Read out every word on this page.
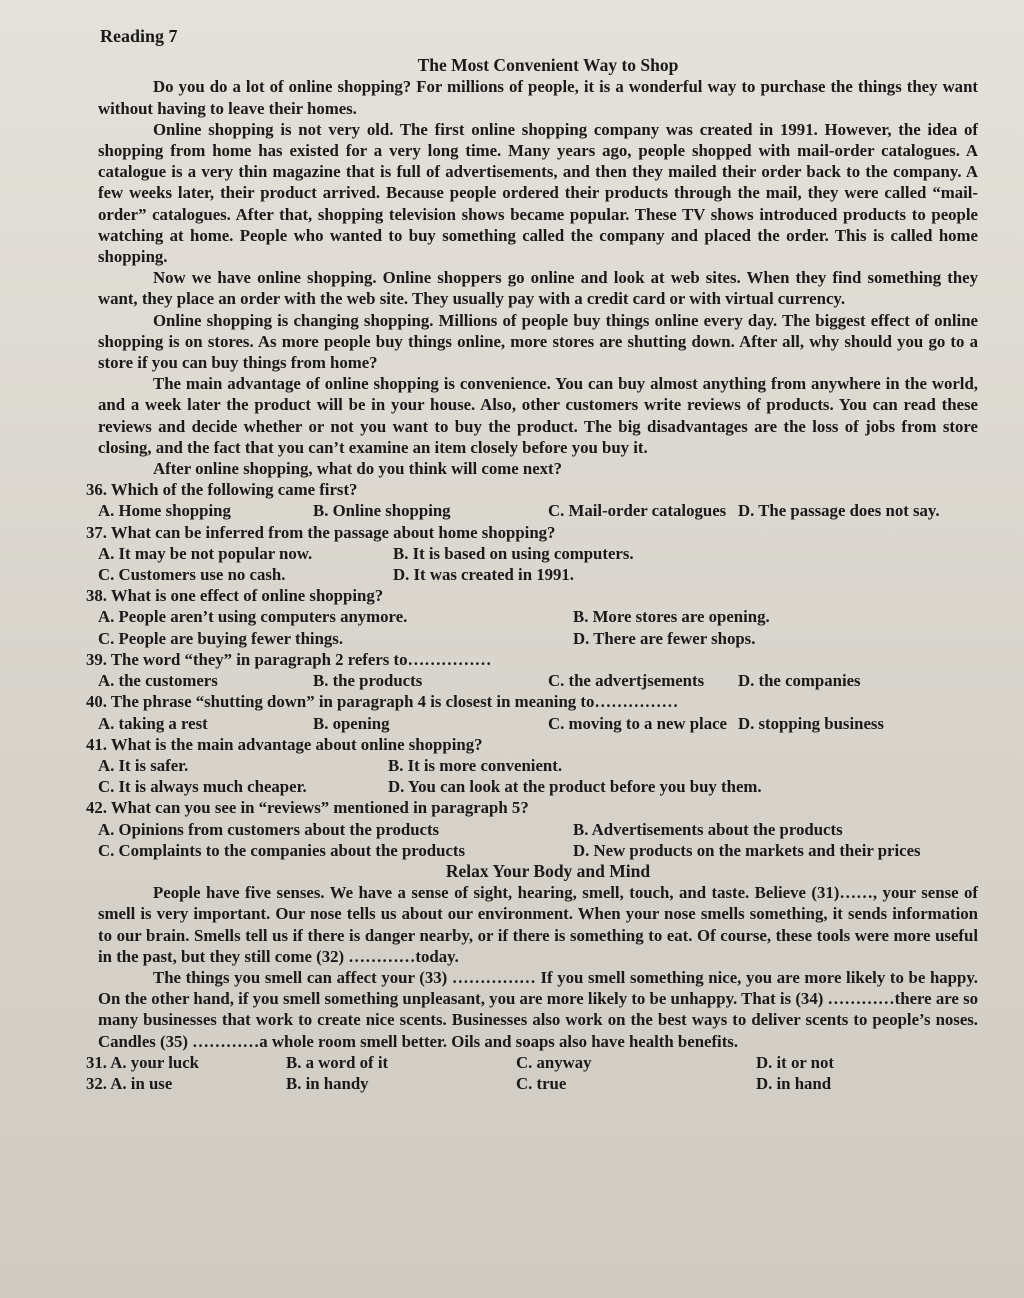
Reading 7
The Most Convenient Way to Shop

Do you do a lot of online shopping? For millions of people, it is a wonderful way to purchase the things they want without having to leave their homes.

Online shopping is not very old. The first online shopping company was created in 1991. However, the idea of shopping from home has existed for a very long time. Many years ago, people shopped with mail-order catalogues. A catalogue is a very thin magazine that is full of advertisements, and then they mailed their order back to the company. A few weeks later, their product arrived. Because people ordered their products through the mail, they were called “mail-order” catalogues. After that, shopping television shows became popular. These TV shows introduced products to people watching at home. People who wanted to buy something called the company and placed the order. This is called home shopping.

Now we have online shopping. Online shoppers go online and look at web sites. When they find something they want, they place an order with the web site. They usually pay with a credit card or with virtual currency.

Online shopping is changing shopping. Millions of people buy things online every day. The biggest effect of online shopping is on stores. As more people buy things online, more stores are shutting down. After all, why should you go to a store if you can buy things from home?

The main advantage of online shopping is convenience. You can buy almost anything from anywhere in the world, and a week later the product will be in your house. Also, other customers write reviews of products. You can read these reviews and decide whether or not you want to buy the product. The big disadvantages are the loss of jobs from store closing, and the fact that you can’t examine an item closely before you buy it.

After online shopping, what do you think will come next?

36. Which of the following came first?

A. Home shopping	B. Online shopping	C. Mail-order catalogues D. The passage does not say.

37. What can be inferred from the passage about home shopping?

A. It may be not popular now.	B. It is based on using computers.
C. Customers use no cash.	D. It was created in 1991.

38. What is one effect of online shopping?

A. People aren’t using computers anymore.	B. More stores are opening.
C. People are buying fewer things.	D. There are fewer shops.

39. The word “they” in paragraph 2 refers to……………

A. the customers	B. the products	C. the advertjsements	D. the companies

40. The phrase “shutting down” in paragraph 4 is closest in meaning to……………

A. taking a rest	B. opening	C. moving to a new place D. stopping business

41. What is the main advantage about online shopping?

A. It is safer.	B. It is more convenient.
C. It is always much cheaper.	D. You can look at the product before you buy them.

42. What can you see in “reviews” mentioned in paragraph 5?

A. Opinions from customers about the products	B. Advertisements about the products
C. Complaints to the companies about the products	D. New products on the markets and their prices
Relax Your Body and Mind

People have five senses. We have a sense of sight, hearing, smell, touch, and taste. Believe (31)……, your sense of smell is very important. Our nose tells us about our environment. When your nose smells something, it sends information to our brain. Smells tell us if there is danger nearby, or if there is something to eat. Of course, these tools were more useful in the past, but they still come (32) …………today.

The things you smell can affect your (33) …………… If you smell something nice, you are more likely to be happy. On the other hand, if you smell something unpleasant, you are more likely to be unhappy. That is (34) …………there are so many businesses that work to create nice scents. Businesses also work on the best ways to deliver scents to people’s noses. Candles (35) …………a whole room smell better. Oils and soaps also have health benefits.

31. A. your luck	B. a word of it	C. anyway	D. it or not
32. A. in use	B. in handy	C. true	D. in hand
